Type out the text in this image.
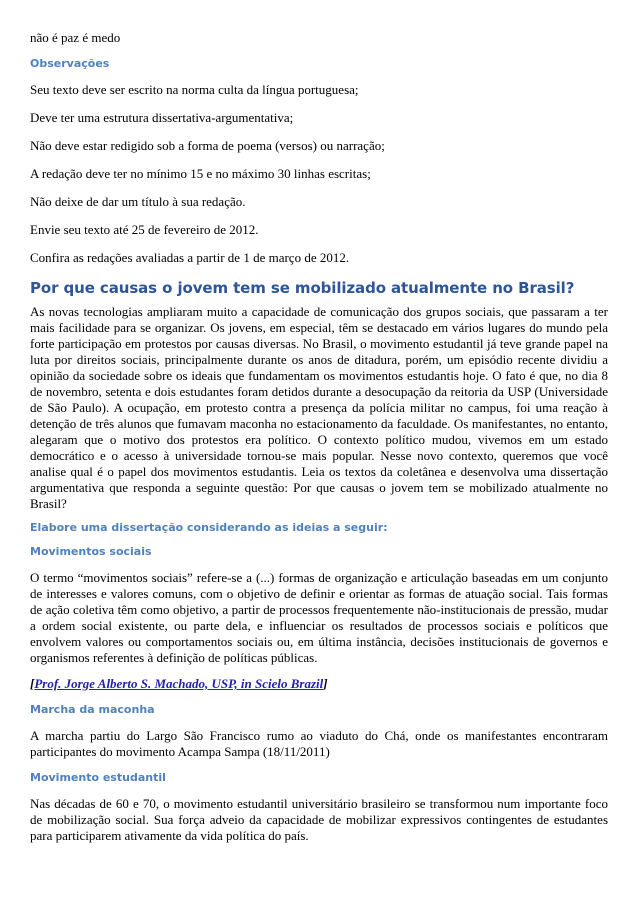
não é paz é medo

Observações

Seu texto deve ser escrito na norma culta da língua portuguesa;

Deve ter uma estrutura dissertativa-argumentativa;

Não deve estar redigido sob a forma de poema (versos) ou narração;

A redação deve ter no mínimo 15 e no máximo 30 linhas escritas;

Não deixe de dar um título à sua redação.

Envie seu texto até 25 de fevereiro de 2012.

Confira as redações avaliadas a partir de 1 de março de 2012.

Por que causas o jovem tem se mobilizado atualmente no Brasil?

As novas tecnologias ampliaram muito a capacidade de comunicação dos grupos sociais, que passaram a ter mais facilidade para se organizar. Os jovens, em especial, têm se destacado em vários lugares do mundo pela forte participação em protestos por causas diversas. No Brasil, o movimento estudantil já teve grande papel na luta por direitos sociais, principalmente durante os anos de ditadura, porém, um episódio recente dividiu a opinião da sociedade sobre os ideais que fundamentam os movimentos estudantis hoje. O fato é que, no dia 8 de novembro, setenta e dois estudantes foram detidos durante a desocupação da reitoria da USP (Universidade de São Paulo). A ocupação, em protesto contra a presença da polícia militar no campus, foi uma reação à detenção de três alunos que fumavam maconha no estacionamento da faculdade. Os manifestantes, no entanto, alegaram que o motivo dos protestos era político. O contexto político mudou, vivemos em um estado democrático e o acesso à universidade tornou-se mais popular. Nesse novo contexto, queremos que você analise qual é o papel dos movimentos estudantis. Leia os textos da coletânea e desenvolva uma dissertação argumentativa que responda a seguinte questão: Por que causas o jovem tem se mobilizado atualmente no Brasil?

Elabore uma dissertação considerando as ideias a seguir:

Movimentos sociais

O termo “movimentos sociais” refere-se a (...) formas de organização e articulação baseadas em um conjunto de interesses e valores comuns, com o objetivo de definir e orientar as formas de atuação social. Tais formas de ação coletiva têm como objetivo, a partir de processos frequentemente não-institucionais de pressão, mudar a ordem social existente, ou parte dela, e influenciar os resultados de processos sociais e políticos que envolvem valores ou comportamentos sociais ou, em última instância, decisões institucionais de governos e organismos referentes à definição de políticas públicas.

[Prof. Jorge Alberto S. Machado, USP, in Scielo Brazil]

Marcha da maconha

A marcha partiu do Largo São Francisco rumo ao viaduto do Chá, onde os manifestantes encontraram participantes do movimento Acampa Sampa (18/11/2011)

Movimento estudantil

Nas décadas de 60 e 70, o movimento estudantil universitário brasileiro se transformou num importante foco de mobilização social. Sua força adveio da capacidade de mobilizar expressivos contingentes de estudantes para participarem ativamente da vida política do país.
